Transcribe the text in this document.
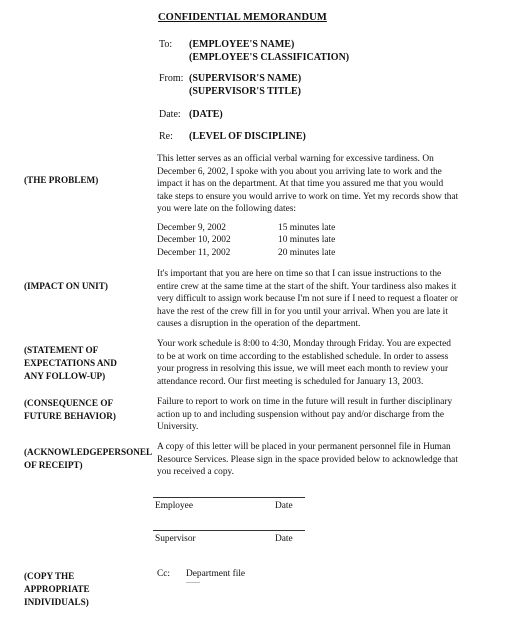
CONFIDENTIAL MEMORANDUM
To: (EMPLOYEE'S NAME)
(EMPLOYEE'S CLASSIFICATION)
From: (SUPERVISOR'S NAME)
(SUPERVISOR'S TITLE)
Date: (DATE)
Re: (LEVEL OF DISCIPLINE)
(THE PROBLEM)
This letter serves as an official verbal warning for excessive tardiness. On
December 6, 2002, I spoke with you about you arriving late to work and the
impact it has on the department. At that time you assured me that you would
take steps to ensure you would arrive to work on time. Yet my records show that
you were late on the following dates:
December 9, 2002	15 minutes late
December 10, 2002	10 minutes late
December 11, 2002	20 minutes late
(IMPACT ON UNIT)
It's important that you are here on time so that I can issue instructions to the
entire crew at the same time at the start of the shift. Your tardiness also makes it
very difficult to assign work because I'm not sure if I need to request a floater or
have the rest of the crew fill in for you until your arrival. When you are late it
causes a disruption in the operation of the department.
(STATEMENT OF
EXPECTATIONS AND
ANY FOLLOW-UP)
Your work schedule is 8:00 to 4:30, Monday through Friday. You are expected
to be at work on time according to the established schedule. In order to assess
your progress in resolving this issue, we will meet each month to review your
attendance record. Our first meeting is scheduled for January 13, 2003.
(CONSEQUENCE OF
FUTURE BEHAVIOR)
Failure to report to work on time in the future will result in further disciplinary
action up to and including suspension without pay and/or discharge from the
University.
(ACKNOWLEDGEPERSONEL
OF RECEIPT)
A copy of this letter will be placed in your permanent personnel file in Human
Resource Services. Please sign in the space provided below to acknowledge that
you received a copy.
Employee	Date
Supervisor	Date
(COPY THE
APPROPRIATE
INDIVIDUALS)
Cc: Department file
